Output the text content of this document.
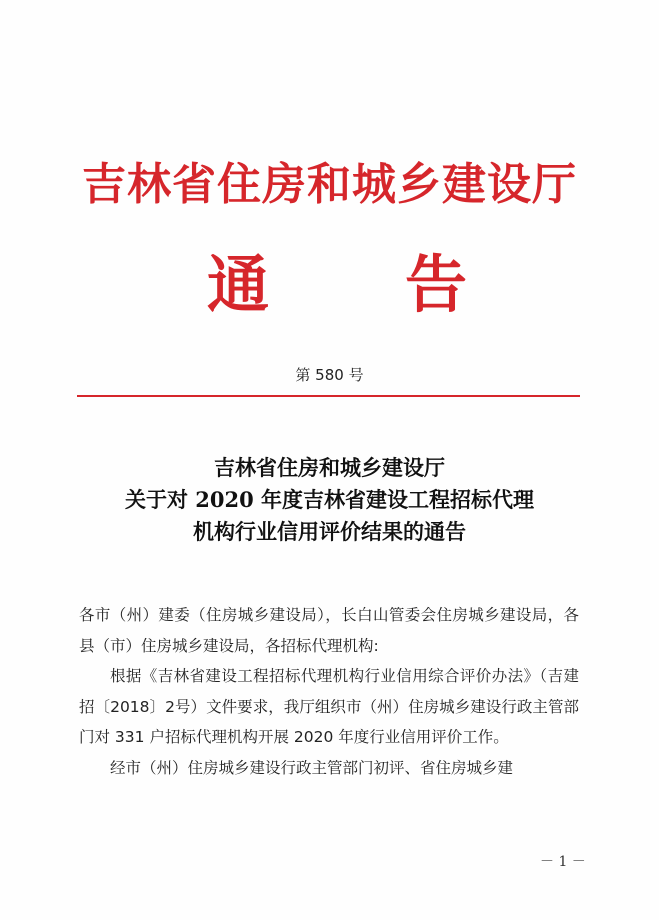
吉林省住房和城乡建设厅
通 告
第 580 号
吉林省住房和城乡建设厅
关于对 2020 年度吉林省建设工程招标代理
机构行业信用评价结果的通告

各市（州）建委（住房城乡建设局），长白山管委会住房城乡建设局，各县（市）住房城乡建设局，各招标代理机构:

根据《吉林省建设工程招标代理机构行业信用综合评价办法》（吉建招〔2018〕2号）文件要求，我厅组织市（州）住房城乡建设行政主管部门对 331 户招标代理机构开展 2020 年度行业信用评价工作。

经市（州）住房城乡建设行政主管部门初评、省住房城乡建

－ 1 －
